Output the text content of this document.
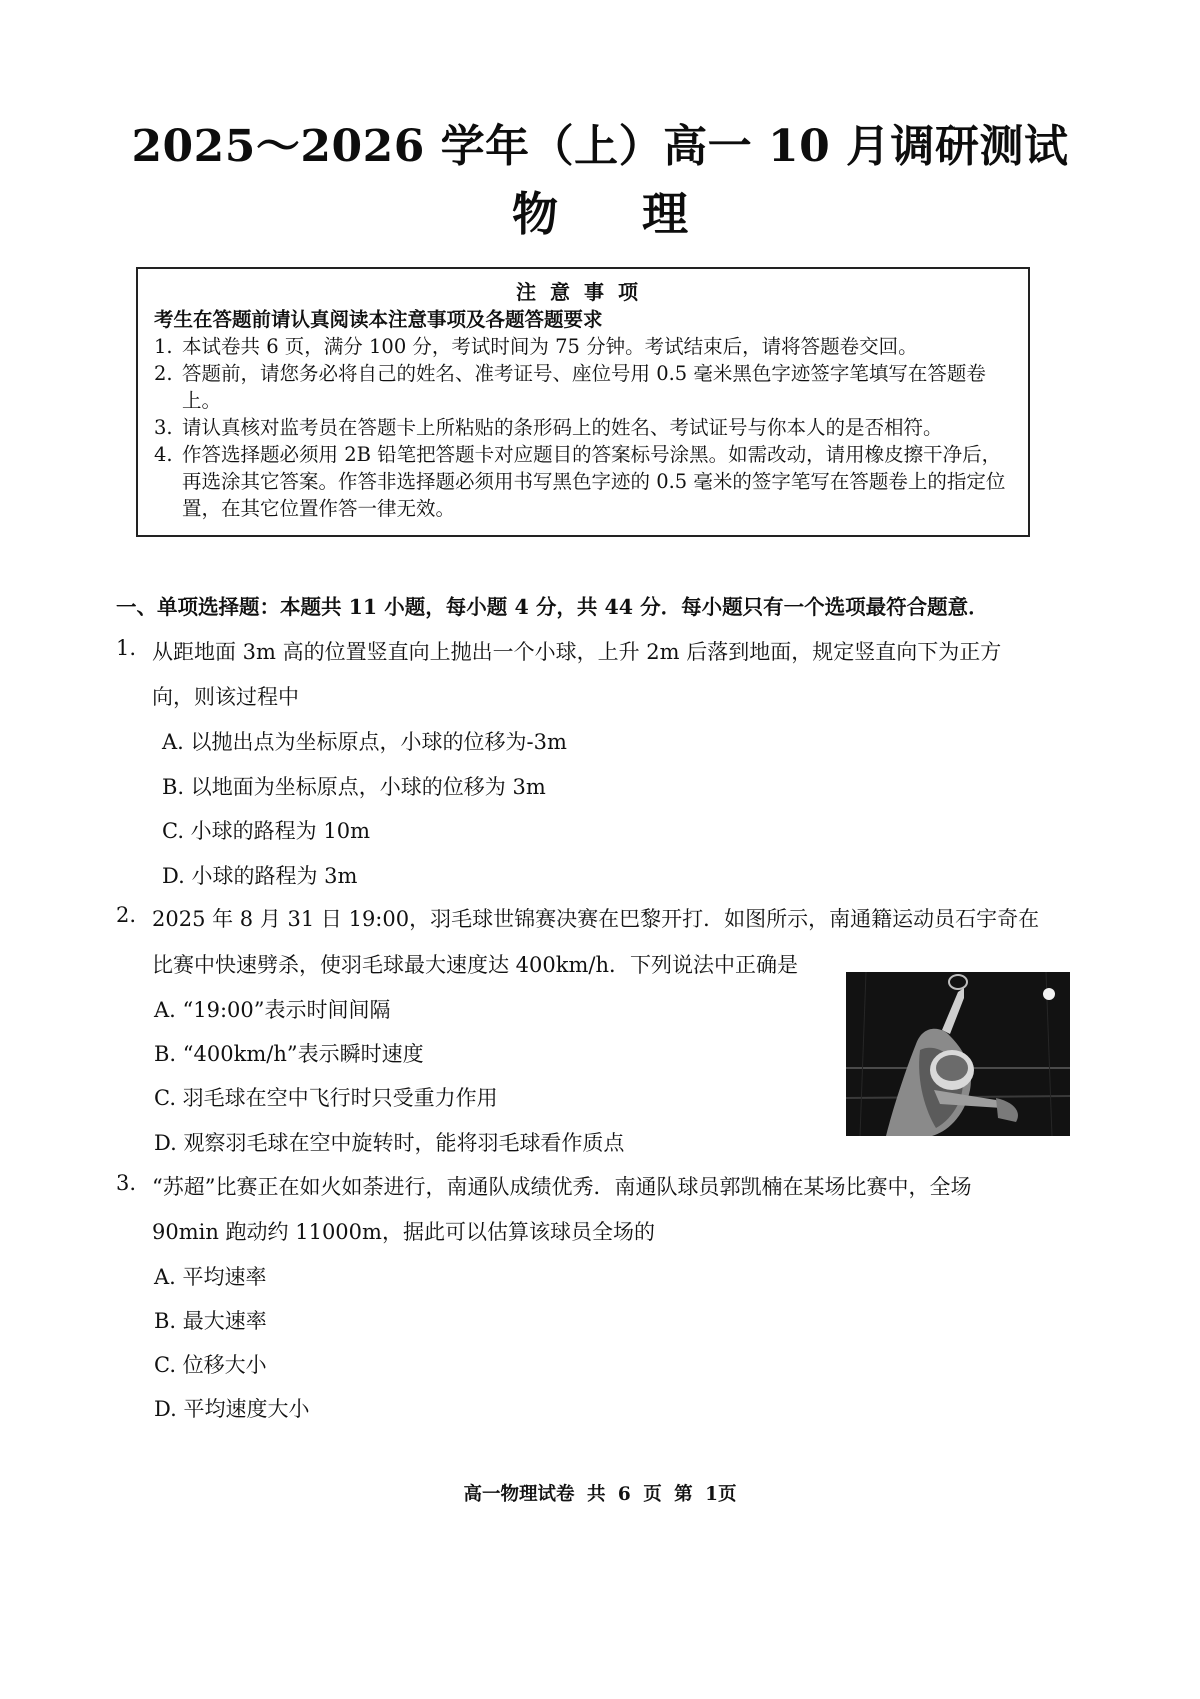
2025～2026 学年（上）高一 10 月调研测试
物 理
注意事项
考生在答题前请认真阅读本注意事项及各题答题要求
1. 本试卷共 6 页，满分 100 分，考试时间为 75 分钟。考试结束后，请将答题卷交回。
2. 答题前，请您务必将自己的姓名、准考证号、座位号用 0.5 毫米黑色字迹签字笔填写在答题卷上。
3. 请认真核对监考员在答题卡上所粘贴的条形码上的姓名、考试证号与你本人的是否相符。
4. 作答选择题必须用 2B 铅笔把答题卡对应题目的答案标号涂黑。如需改动，请用橡皮擦干净后，再选涂其它答案。作答非选择题必须用书写黑色字迹的 0.5 毫米的签字笔写在答题卷上的指定位置，在其它位置作答一律无效。
一、单项选择题：本题共 11 小题，每小题 4 分，共 44 分．每小题只有一个选项最符合题意．
1. 从距地面 3m 高的位置竖直向上抛出一个小球，上升 2m 后落到地面，规定竖直向下为正方
向，则该过程中
A. 以抛出点为坐标原点，小球的位移为-3m
B. 以地面为坐标原点，小球的位移为 3m
C. 小球的路程为 10m
D. 小球的路程为 3m
2. 2025 年 8 月 31 日 19:00，羽毛球世锦赛决赛在巴黎开打．如图所示，南通籍运动员石宇奇在
比赛中快速劈杀，使羽毛球最大速度达 400km/h．下列说法中正确是
A. “19:00”表示时间间隔
B. “400km/h”表示瞬时速度
C. 羽毛球在空中飞行时只受重力作用
D. 观察羽毛球在空中旋转时，能将羽毛球看作质点
3. “苏超”比赛正在如火如荼进行，南通队成绩优秀．南通队球员郭凯楠在某场比赛中，全场
90min 跑动约 11000m，据此可以估算该球员全场的
A. 平均速率
B. 最大速率
C. 位移大小
D. 平均速度大小
高一物理试卷 共 6 页 第 1页
